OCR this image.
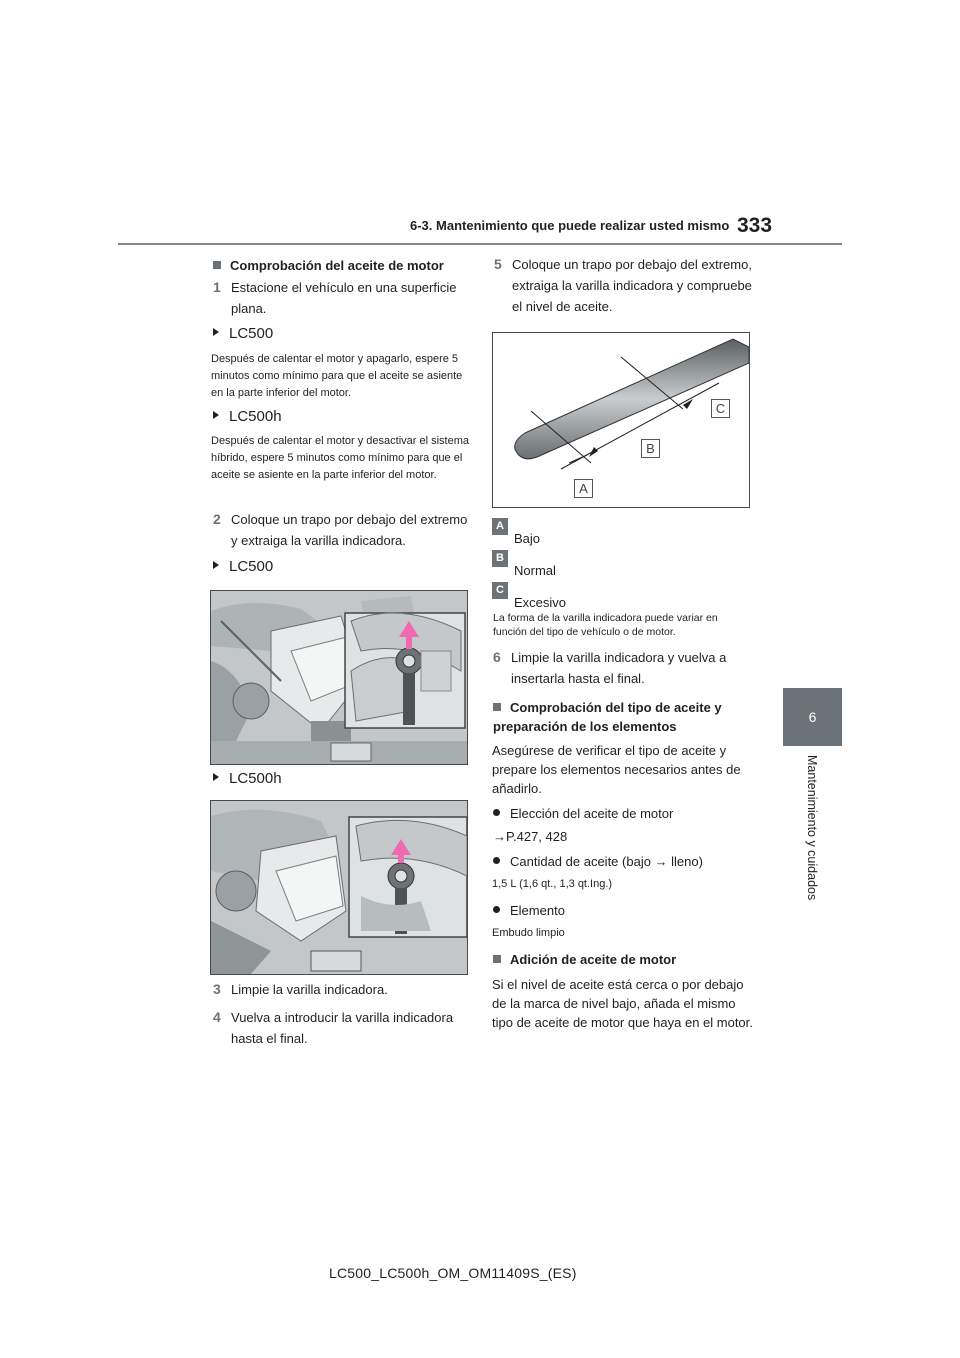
6-3. Mantenimiento que puede realizar usted mismo 333
6
Mantenimiento y cuidados
Comprobación del aceite de motor
1 Estacione el vehículo en una superficie plana.
LC500
Después de calentar el motor y apagarlo, espere 5 minutos como mínimo para que el aceite se asiente en la parte inferior del motor.
LC500h
Después de calentar el motor y desactivar el sistema híbrido, espere 5 minutos como mínimo para que el aceite se asiente en la parte inferior del motor.
2 Coloque un trapo por debajo del extremo y extraiga la varilla indicadora.
LC500
LC500h
3 Limpie la varilla indicadora.
4 Vuelva a introducir la varilla indicadora hasta el final.
5 Coloque un trapo por debajo del extremo, extraiga la varilla indicadora y compruebe el nivel de aceite.
C
B
A
A
Bajo
B
Normal
C
Excesivo
La forma de la varilla indicadora puede variar en función del tipo de vehículo o de motor.
6 Limpie la varilla indicadora y vuelva a insertarla hasta el final.
Comprobación del tipo de aceite y preparación de los elementos
Asegúrese de verificar el tipo de aceite y prepare los elementos necesarios antes de añadirlo.
Elección del aceite de motor
→P.427, 428
Cantidad de aceite (bajo → lleno)
1,5 L (1,6 qt., 1,3 qt.Ing.)
Elemento
Embudo limpio
Adición de aceite de motor
Si el nivel de aceite está cerca o por debajo de la marca de nivel bajo, añada el mismo tipo de aceite de motor que haya en el motor.
LC500_LC500h_OM_OM11409S_(ES)
